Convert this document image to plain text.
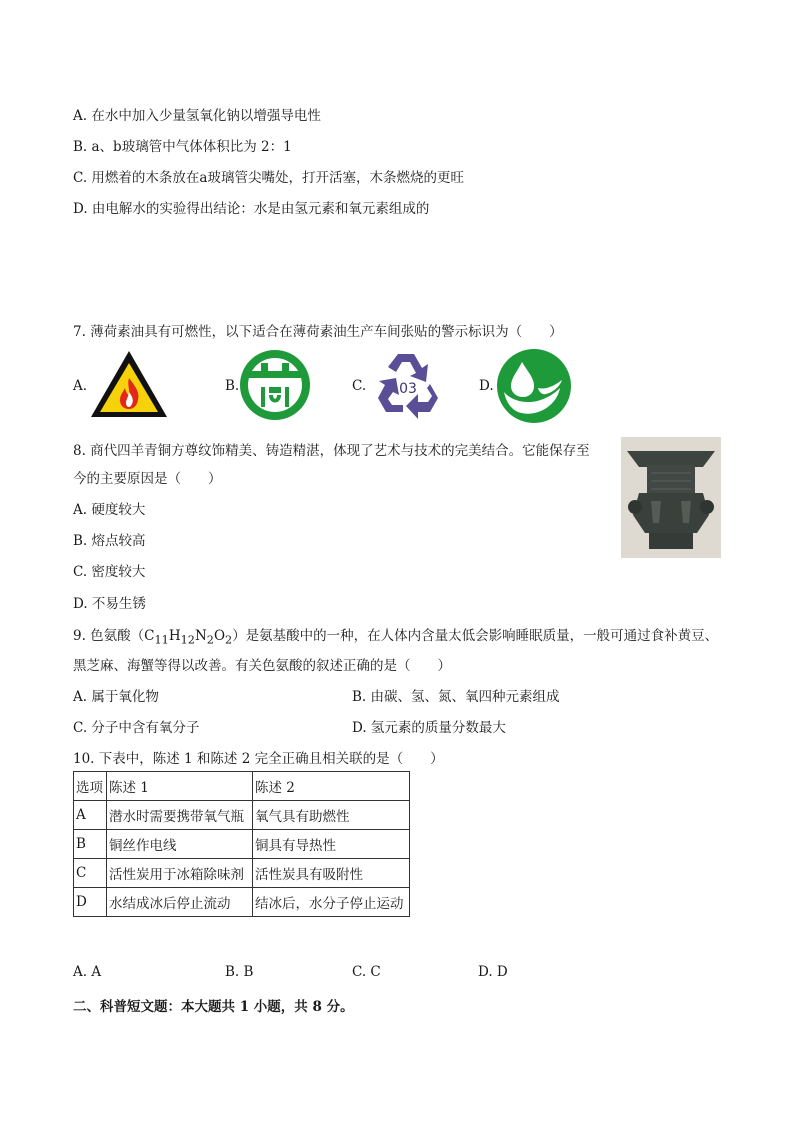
A. 在水中加入少量氢氧化钠以增强导电性
B. a、b玻璃管中气体体积比为 2：1
C. 用燃着的木条放在a玻璃管尖嘴处，打开活塞，木条燃烧的更旺
D. 由电解水的实验得出结论：水是由氢元素和氧元素组成的
7. 薄荷素油具有可燃性，以下适合在薄荷素油生产车间张贴的警示标识为（　　）
A.	B.	C. 03	D.
8. 商代四羊青铜方尊纹饰精美、铸造精湛，体现了艺术与技术的完美结合。它能保存至
今的主要原因是（　　）
A. 硬度较大
B. 熔点较高
C. 密度较大
D. 不易生锈
9. 色氨酸$(C_{11}H_{12}N_2O_2)$是氨基酸中的一种，在人体内含量太低会影响睡眠质量，一般可通过食补黄豆、
黑芝麻、海蟹等得以改善。有关色氨酸的叙述正确的是（　　）
A. 属于氧化物	B. 由碳、氢、氮、氧四种元素组成
C. 分子中含有氧分子	D. 氢元素的质量分数最大
10. 下表中，陈述 1 和陈述 2 完全正确且相关联的是（　　）
选项	陈述 1	陈述 2
A	潜水时需要携带氧气瓶	氧气具有助燃性
B	铜丝作电线	铜具有导热性
C	活性炭用于冰箱除味剂	活性炭具有吸附性
D	水结成冰后停止流动	结冰后，水分子停止运动
A. A	B. B	C. C	D. D
二、科普短文题：本大题共 1 小题，共 8 分。
